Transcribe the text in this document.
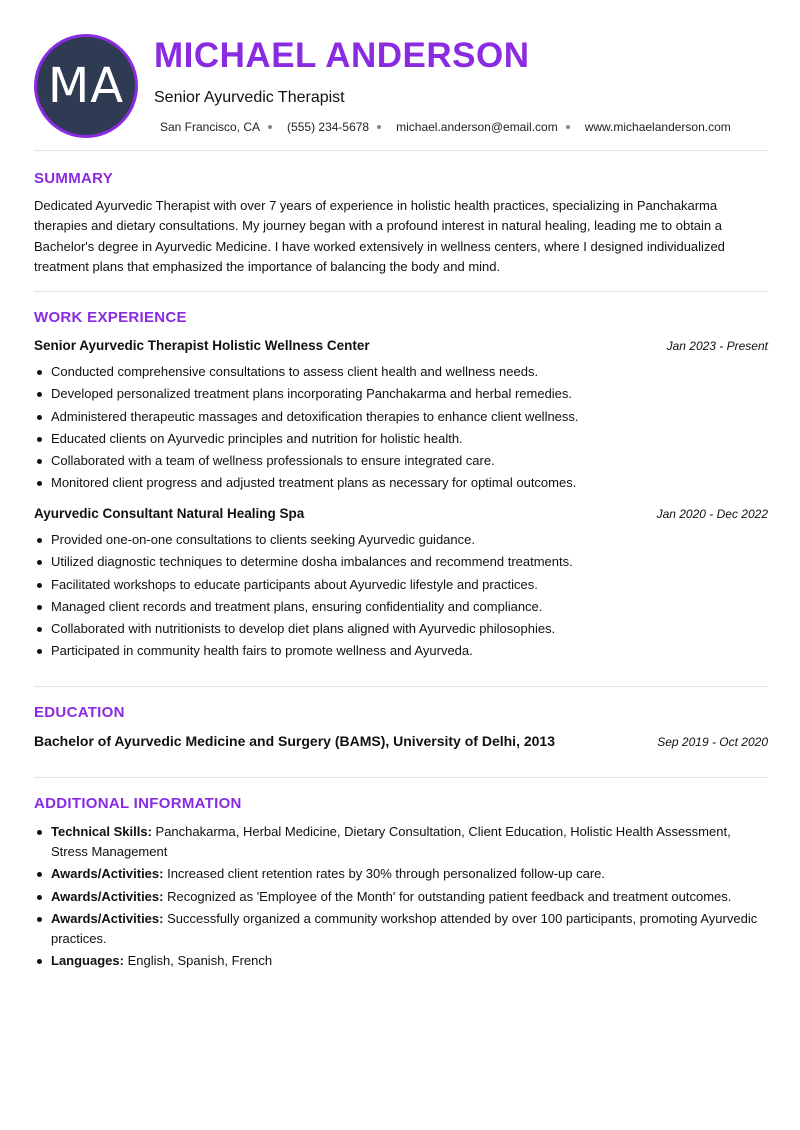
MA
MICHAEL ANDERSON
Senior Ayurvedic Therapist
San Francisco, CA (555) 234-5678 michael.anderson@email.com www.michaelanderson.com
SUMMARY

Dedicated Ayurvedic Therapist with over 7 years of experience in holistic health practices, specializing in Panchakarma therapies and dietary consultations. My journey began with a profound interest in natural healing, leading me to obtain a Bachelor's degree in Ayurvedic Medicine. I have worked extensively in wellness centers, where I designed individualized treatment plans that emphasized the importance of balancing the body and mind.

WORK EXPERIENCE
Senior Ayurvedic Therapist Holistic Wellness Center	Jan 2023 - Present
Conducted comprehensive consultations to assess client health and wellness needs.
Developed personalized treatment plans incorporating Panchakarma and herbal remedies.
Administered therapeutic massages and detoxification therapies to enhance client wellness.
Educated clients on Ayurvedic principles and nutrition for holistic health.
Collaborated with a team of wellness professionals to ensure integrated care.
Monitored client progress and adjusted treatment plans as necessary for optimal outcomes.
Ayurvedic Consultant Natural Healing Spa	Jan 2020 - Dec 2022
Provided one-on-one consultations to clients seeking Ayurvedic guidance.
Utilized diagnostic techniques to determine dosha imbalances and recommend treatments.
Facilitated workshops to educate participants about Ayurvedic lifestyle and practices.
Managed client records and treatment plans, ensuring confidentiality and compliance.
Collaborated with nutritionists to develop diet plans aligned with Ayurvedic philosophies.
Participated in community health fairs to promote wellness and Ayurveda.
EDUCATION
Bachelor of Ayurvedic Medicine and Surgery (BAMS), University of Delhi, 2013	Sep 2019 - Oct 2020
ADDITIONAL INFORMATION
Technical Skills: Panchakarma, Herbal Medicine, Dietary Consultation, Client Education, Holistic Health Assessment, Stress Management
Awards/Activities: Increased client retention rates by 30% through personalized follow-up care.
Awards/Activities: Recognized as 'Employee of the Month' for outstanding patient feedback and treatment outcomes.
Awards/Activities: Successfully organized a community workshop attended by over 100 participants, promoting Ayurvedic practices.
Languages: English, Spanish, French
